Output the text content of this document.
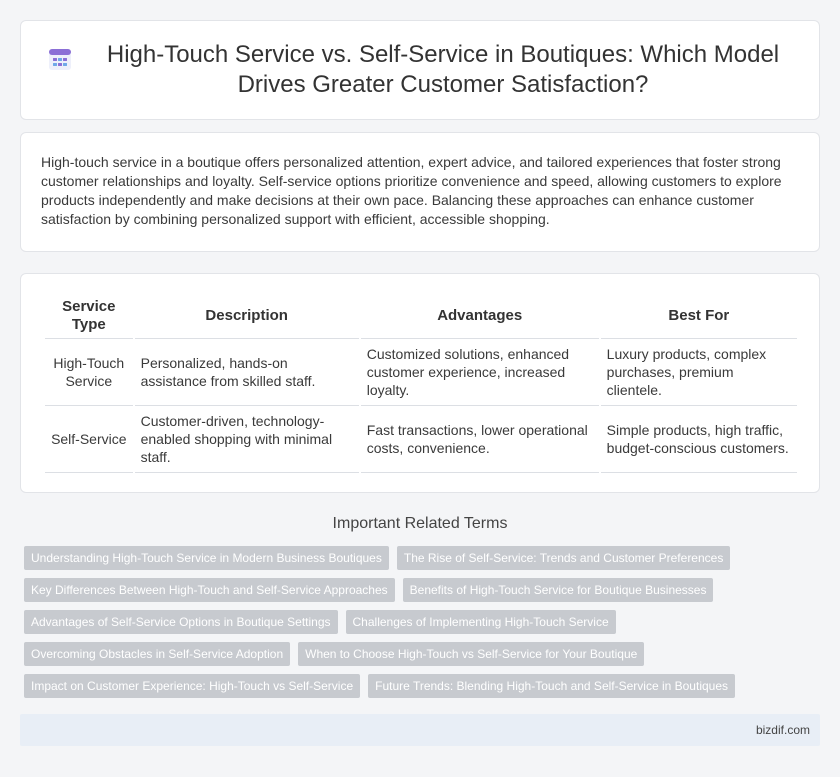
High-Touch Service vs. Self-Service in Boutiques: Which Model Drives Greater Customer Satisfaction?

High-touch service in a boutique offers personalized attention, expert advice, and tailored experiences that foster strong customer relationships and loyalty. Self-service options prioritize convenience and speed, allowing customers to explore products independently and make decisions at their own pace. Balancing these approaches can enhance customer satisfaction by combining personalized support with efficient, accessible shopping.

Service Type	Description	Advantages	Best For
High-Touch Service	Personalized, hands-on assistance from skilled staff.	Customized solutions, enhanced customer experience, increased loyalty.	Luxury products, complex purchases, premium clientele.
Self-Service	Customer-driven, technology-enabled shopping with minimal staff.	Fast transactions, lower operational costs, convenience.	Simple products, high traffic, budget-conscious customers.
Important Related Terms
Understanding High-Touch Service in Modern Business Boutiques	The Rise of Self-Service: Trends and Customer Preferences
Key Differences Between High-Touch and Self-Service Approaches	Benefits of High-Touch Service for Boutique Businesses
Advantages of Self-Service Options in Boutique Settings	Challenges of Implementing High-Touch Service
Overcoming Obstacles in Self-Service Adoption	When to Choose High-Touch vs Self-Service for Your Boutique
Impact on Customer Experience: High-Touch vs Self-Service	Future Trends: Blending High-Touch and Self-Service in Boutiques
bizdif.com
